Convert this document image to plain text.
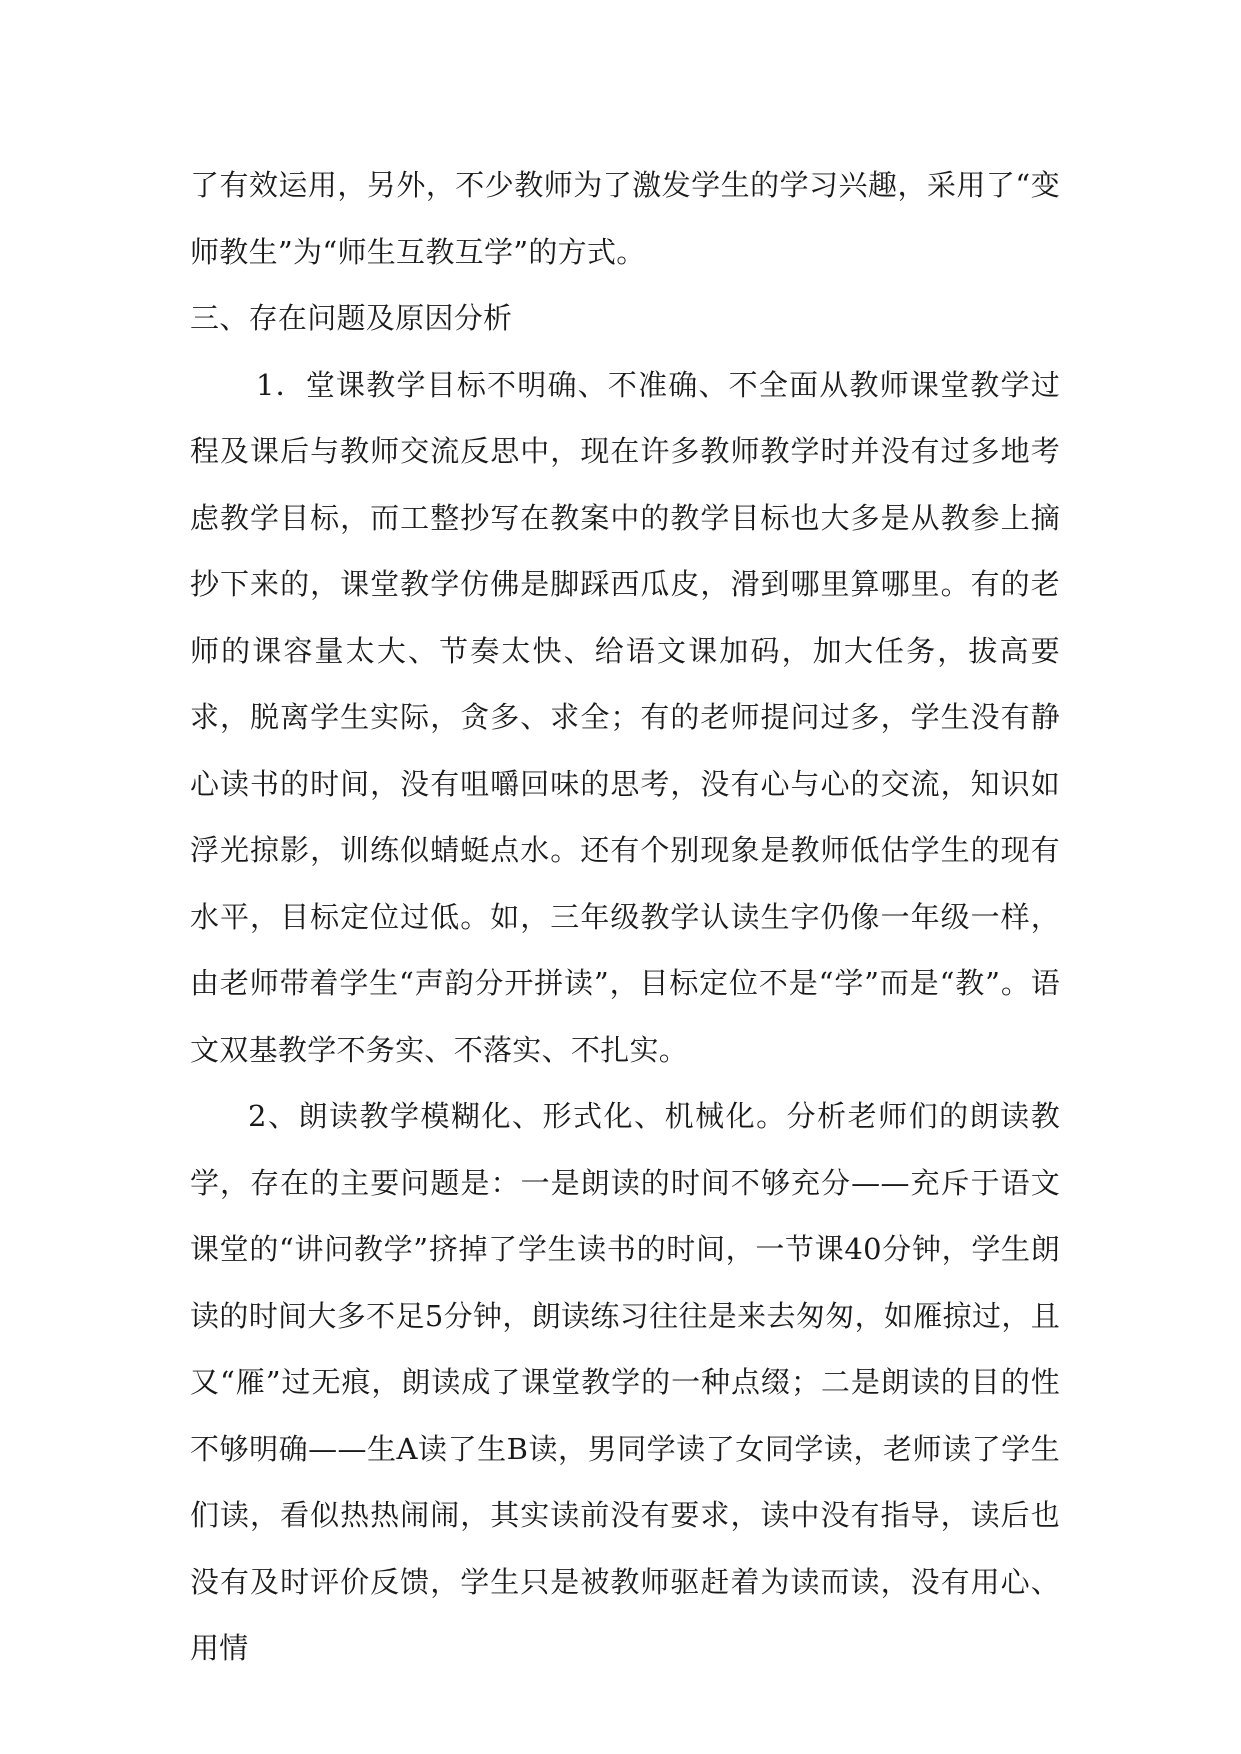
了有效运用，另外，不少教师为了激发学生的学习兴趣，采用了“变师教生”为“师生互教互学”的方式。

三、存在问题及原因分析

1．堂课教学目标不明确、不准确、不全面从教师课堂教学过程及课后与教师交流反思中，现在许多教师教学时并没有过多地考虑教学目标，而工整抄写在教案中的教学目标也大多是从教参上摘抄下来的，课堂教学仿佛是脚踩西瓜皮，滑到哪里算哪里。有的老师的课容量太大、节奏太快、给语文课加码，加大任务，拔高要求，脱离学生实际，贪多、求全；有的老师提问过多，学生没有静心读书的时间，没有咀嚼回味的思考，没有心与心的交流，知识如浮光掠影，训练似蜻蜓点水。还有个别现象是教师低估学生的现有水平，目标定位过低。如，三年级教学认读生字仍像一年级一样，由老师带着学生“声韵分开拼读”，目标定位不是“学”而是“教”。语文双基教学不务实、不落实、不扎实。

2、朗读教学模糊化、形式化、机械化。分析老师们的朗读教学，存在的主要问题是：一是朗读的时间不够充分——充斥于语文课堂的“讲问教学”挤掉了学生读书的时间，一节课40分钟，学生朗读的时间大多不足5分钟，朗读练习往往是来去匆匆，如雁掠过，且又“雁”过无痕，朗读成了课堂教学的一种点缀；二是朗读的目的性不够明确——生A读了生B读，男同学读了女同学读，老师读了学生们读，看似热热闹闹，其实读前没有要求，读中没有指导，读后也没有及时评价反馈，学生只是被教师驱赶着为读而读，没有用心、用情
